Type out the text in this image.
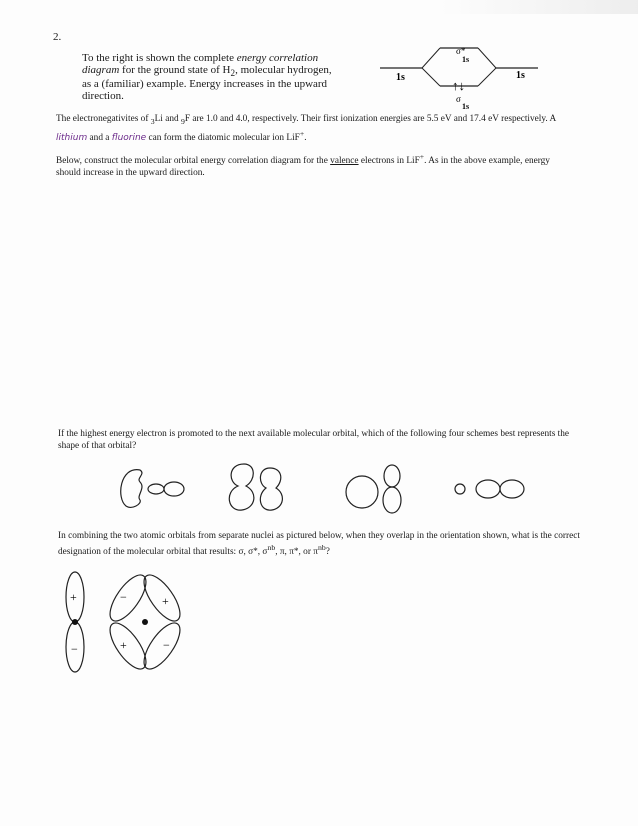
2.
To the right is shown the complete energy correlation diagram for the ground state of $H_2$, molecular hydrogen, as a (familiar) example. Energy increases in the upward direction.
1s	1s
σ*
1s
↑↓
σ
1s
The electronegativites of $_3$Li and $_9$F are 1.0 and 4.0, respectively. Their first ionization energies are 5.5 eV and 17.4 eV respectively. A lithium and a fluorine can form the diatomic molecular ion LiF+.
Below, construct the molecular orbital energy correlation diagram for the valence electrons in LiF+. As in the above example, energy should increase in the upward direction.
If the highest energy electron is promoted to the next available molecular orbital, which of the following four schemes best represents the shape of that orbital?
In combining the two atomic orbitals from separate nuclei as pictured below, when they overlap in the orientation shown, what is the correct designation of the molecular orbital that results: σ, σ*, $\sigma^{nb}$, π, π*, or $\pi^{nb}$?
+
−
−	+
+	−
